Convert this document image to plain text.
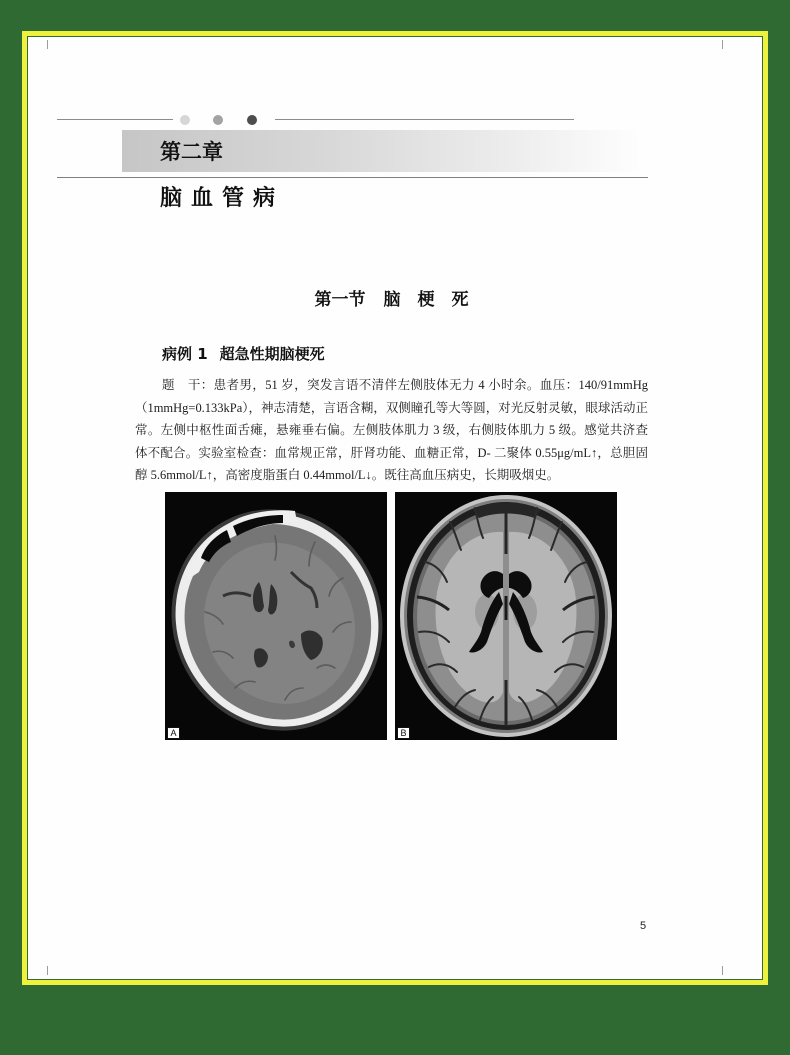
第二章
脑血管病
第一节 脑梗死
病例 1 超急性期脑梗死
题　干：患者男，51 岁，突发言语不清伴左侧肢体无力 4 小时余。血压：140/91mmHg
（1mmHg=0.133kPa），神志清楚，言语含糊，双侧瞳孔等大等圆，对光反射灵敏，眼球活动正
常。左侧中枢性面舌瘫，悬雍垂右偏。左侧肢体肌力 3 级，右侧肢体肌力 5 级。感觉共济查
体不配合。实验室检查：血常规正常，肝肾功能、血糖正常，D- 二聚体 0.55μg/mL↑，总胆固
醇 5.6mmol/L↑，高密度脂蛋白 0.44mmol/L↓。既往高血压病史，长期吸烟史。
A	B
5
